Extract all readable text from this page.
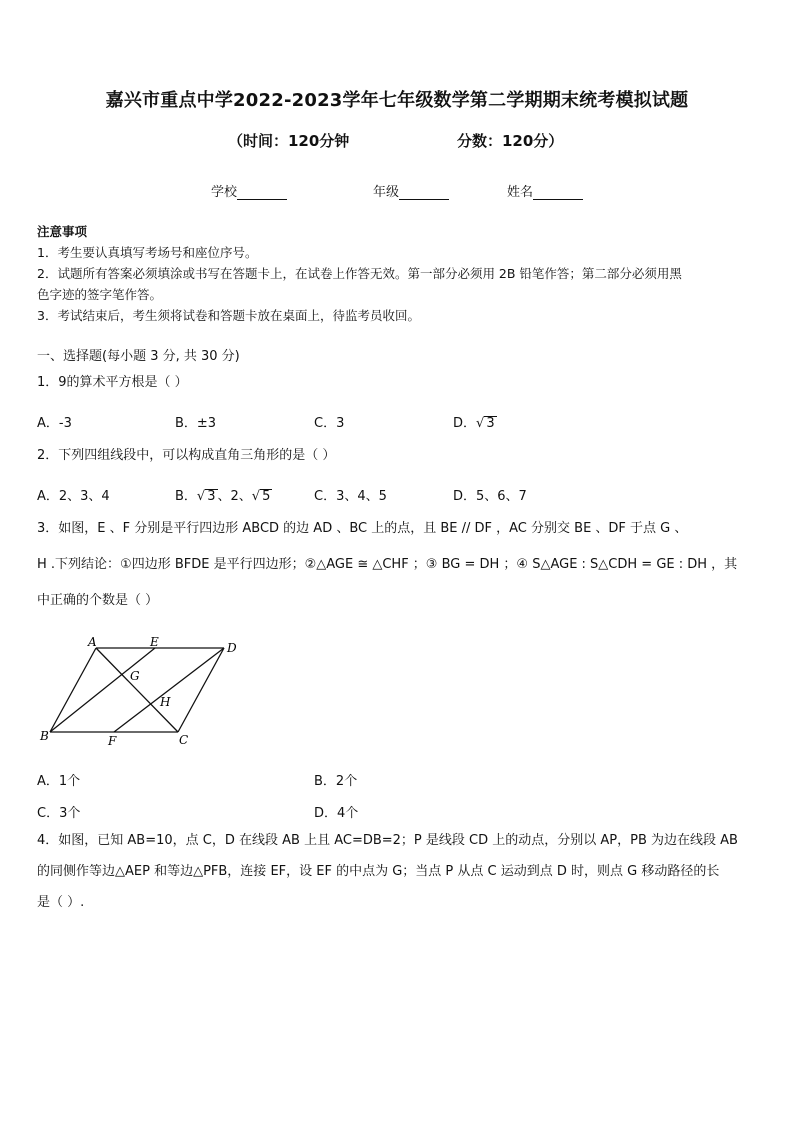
嘉兴市重点中学2022-2023学年七年级数学第二学期期末统考模拟试题
（时间：120分钟	分数：120分）
学校	年级	姓名
注意事项
1．考生要认真填写考场号和座位序号。
2．试题所有答案必须填涂或书写在答题卡上，在试卷上作答无效。第一部分必须用 2B 铅笔作答；第二部分必须用黑
色字迹的签字笔作答。
3．考试结束后，考生须将试卷和答题卡放在桌面上，待监考员收回。
一、选择题(每小题 3 分, 共 30 分)
1．9的算术平方根是（ ）
A．-3	B．±3	C．3	D．√ 3
2．下列四组线段中，可以构成直角三角形的是（ ）
A．2、3、4	B．√ 3 、2、√ 5	C．3、4、5	D．5、6、7
3．如图，E 、F 分别是平行四边形 ABCD 的边 AD 、BC 上的点，且 BE // DF ，AC 分别交 BE 、DF 于点 G 、
H .下列结论：①四边形 BFDE 是平行四边形；②△AGE ≅ △CHF ；③ BG = DH ；④ S△AGE : S△CDH = GE : DH ，其
中正确的个数是（ ）
A	E	D
G
H
B	F	C
A．1个	B．2个
C．3个	D．4个
4．如图，已知 AB=10，点 C，D 在线段 AB 上且 AC=DB=2；P 是线段 CD 上的动点，分别以 AP，PB 为边在线段 AB
的同侧作等边△AEP 和等边△PFB，连接 EF，设 EF 的中点为 G；当点 P 从点 C 运动到点 D 时，则点 G 移动路径的长
是（ ）.
